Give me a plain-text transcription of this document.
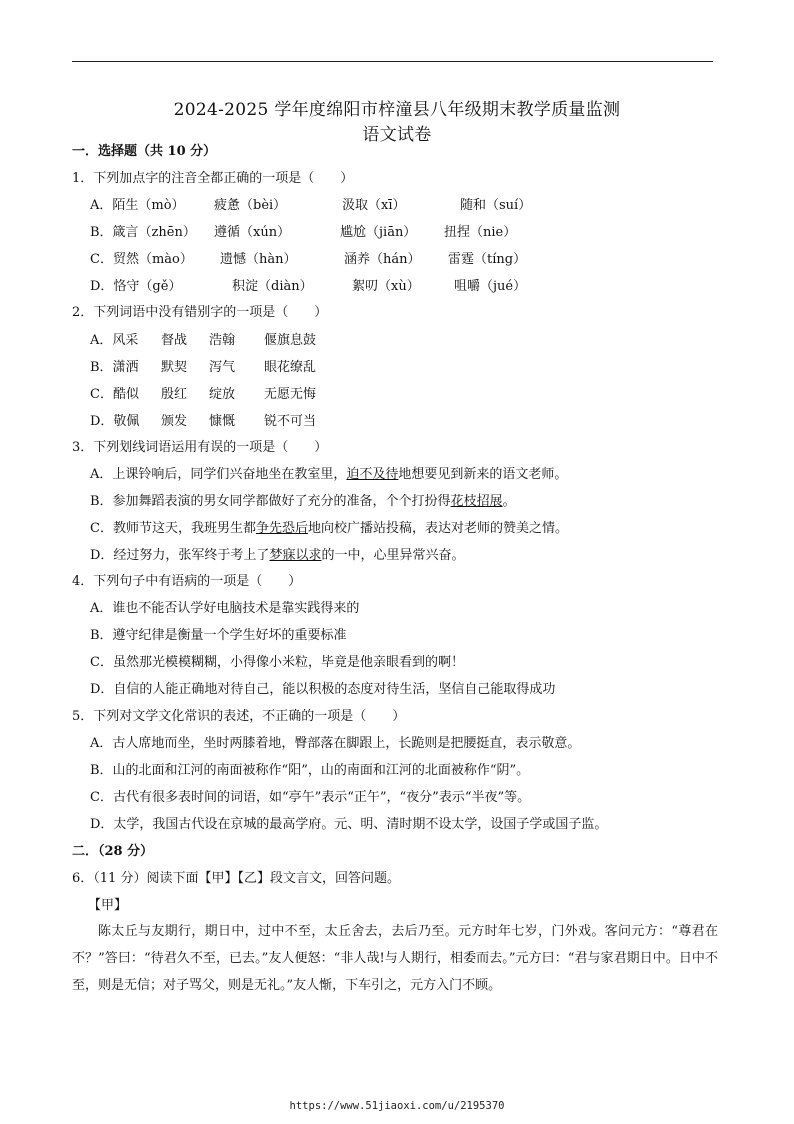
2024-2025 学年度绵阳市梓潼县八年级期末教学质量监测
语文试卷
一．选择题（共 10 分）
1．下列加点字的注音全都正确的一项是（　　）
A．陌生（mò） 疲惫（bèi）	汲取（xī）	随和（suí）
B．箴言（zhēn） 遵循（xún）	尴尬（jiān） 扭捏（nie）
C．贸然（mào） 遗憾（hàn）	涵养（hán） 雷霆（tíng）
D．恪守（gě）	积淀（diàn）	絮叨（xù）	咀嚼（jué）
2．下列词语中没有错别字的一项是（　　）
A．风采 督战 浩翰 偃旗息鼓
B．潇洒 默契 泻气 眼花缭乱
C．酷似 殷红 绽放 无愿无悔
D．敬佩 颁发 慷慨 锐不可当
3．下列划线词语运用有误的一项是（　　）
A．上课铃响后，同学们兴奋地坐在教室里，迫不及待地想要见到新来的语文老师。
B．参加舞蹈表演的男女同学都做好了充分的准备，个个打扮得花枝招展。
C．教师节这天，我班男生都争先恐后地向校广播站投稿，表达对老师的赞美之情。
D．经过努力，张军终于考上了梦寐以求的一中，心里异常兴奋。
4．下列句子中有语病的一项是（　　）
A．谁也不能否认学好电脑技术是靠实践得来的
B．遵守纪律是衡量一个学生好坏的重要标准
C．虽然那光模模糊糊，小得像小米粒，毕竟是他亲眼看到的啊！
D．自信的人能正确地对待自己，能以积极的态度对待生活，坚信自己能取得成功
5．下列对文学文化常识的表述，不正确的一项是（　　）
A．古人席地而坐，坐时两膝着地，臀部落在脚跟上，长跪则是把腰挺直，表示敬意。
B．山的北面和江河的南面被称作“阳”，山的南面和江河的北面被称作“阴”。
C．古代有很多表时间的词语，如“亭午”表示“正午”，“夜分”表示“半夜”等。
D．太学，我国古代设在京城的最高学府。元、明、清时期不设太学，设国子学或国子监。
二．（28 分）
6．（11 分）阅读下面【甲】【乙】段文言文，回答问题。
【甲】
陈太丘与友期行，期日中，过中不至，太丘舍去，去后乃至。元方时年七岁，门外戏。客问元方：“尊君在不？”答曰：“待君久不至，已去。”友人便怒：“非人哉!与人期行，相委而去。”元方曰：“君与家君期日中。日中不至，则是无信；对子骂父，则是无礼。”友人惭，下车引之，元方入门不顾。
https://www.51jiaoxi.com/u/2195370
